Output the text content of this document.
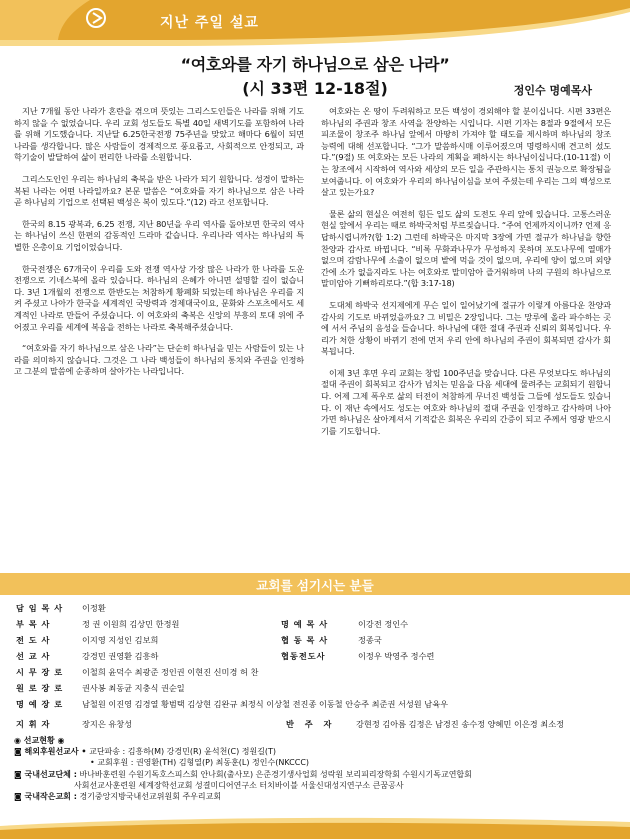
지난 주일 설교
“여호와를 자기 하나님으로 삼은 나라”
(시 33편 12-18절)	정인수 명예목사

지난 7개월 동안 나라가 혼란을 겪으며 뜻있는 그리스도인들은 나라를 위해 기도하지 않을 수 없었습니다. 우리 교회 성도들도 특별 40일 새벽기도를 포함하여 나라를 위해 기도했습니다. 지난달 6.25한국전쟁 75주년을 맞았고 해마다 6월이 되면 나라를 생각합니다. 많은 사람들이 경제적으로 풍요롭고, 사회적으로 안정되고, 과학기술이 발달하여 삶이 편리한 나라를 소원합니다.

그리스도인인 우리는 하나님의 축복을 받은 나라가 되기 원합니다. 성경이 말하는 복된 나라는 어떤 나라일까요? 본문 말씀은 “여호와를 자기 하나님으로 삼은 나라 곧 하나님의 기업으로 선택된 백성은 복이 있도다.”(12) 라고 선포합니다.

한국의 8.15 광복과, 6.25 전쟁, 지난 80년을 우리 역사를 돌아보면 한국의 역사는 하나님이 쓰신 한편의 감동적인 드라마 같습니다. 우리나라 역사는 하나님의 특별한 은총이요 기업이었습니다.

한국전쟁은 67개국이 우리를 도와 전쟁 역사상 가장 많은 나라가 한 나라를 도운 전쟁으로 기네스북에 올라 있습니다. 하나님의 은혜가 아니면 설명할 길이 없습니다. 3년 1개월의 전쟁으로 한반도는 처참하게 황폐화 되었는데 하나님은 우리를 지켜 주셨고 나아가 한국을 세계적인 국방력과 경제대국이요, 문화와 스포츠에서도 세계적인 나라로 만들어 주셨습니다. 이 여호와의 축복은 신앙의 부흥의 토대 위에 주어졌고 우리를 세계에 복음을 전하는 나라로 축복해주셨습니다.

“여호와를 자기 하나님으로 삼은 나라”는 단순히 하나님을 믿는 사람들이 있는 나라를 의미하지 않습니다. 그것은 그 나라 백성들이 하나님의 통치와 주권을 인정하고 그분의 말씀에 순종하며 살아가는 나라입니다.

여호와는 온 땅이 두려워하고 모든 백성이 경외해야 할 분이십니다. 시편 33편은 하나님의 주권과 창조 사역을 찬양하는 시입니다. 시편 기자는 8절과 9절에서 모든 피조물이 창조주 하나님 앞에서 마땅히 가져야 할 태도를 제시하며 하나님의 창조 능력에 대해 선포합니다. “그가 말씀하시매 이루어졌으며 명령하시매 견고히 섰도다.”(9절) 또 여호와는 모든 나라의 계획을 폐하시는 하나님이십니다.(10-11절) 이는 창조에서 시작하여 역사와 세상의 모든 일을 주관하시는 통치 권능으로 확장됨을 보여줍니다. 이 여호와가 우리의 하나님이심을 보여 주셨는데 우리는 그의 백성으로 살고 있는가요?

물론 삶의 현실은 여전히 힘든 일도 삶의 도전도 우리 앞에 있습니다. 고통스러운 현실 앞에서 우리는 때로 하박국처럼 부르짖습니다. “주여 언제까지이니까? 언제 응답하시렵니까?(합 1:2) 그런데 하박국은 마지막 3장에 가면 절규가 하나님을 향한 찬양과 감사로 바뀝니다. “비록 무화과나무가 무성하지 못하며 포도나무에 열매가 없으며 감람나무에 소출이 없으며 밭에 먹을 것이 없으며, 우리에 양이 없으며 외양간에 소가 없을지라도 나는 여호와로 말미암아 즐거워하며 나의 구원의 하나님으로 말미암아 기뻐하리로다.”(합 3:17-18)

도대체 하박국 선지제에게 무슨 일이 일어났기에 절규가 이렇게 아름다운 찬양과 감사의 기도로 바뀌었을까요? 그 비밀은 2장입니다. 그는 망루에 올라 파수하는 곳에 서서 주님의 음성을 들습니다. 하나님에 대한 절대 주권과 신뢰의 회복입니다. 우리가 처한 상황이 바뀌기 전에 먼저 우리 안에 하나님의 주권이 회복되면 감사가 회복됩니다.

이제 3년 후면 우리 교회는 창립 100주년을 맞습니다. 다른 무엇보다도 하나님의 절대 주권이 회복되고 감사가 넘치는 믿음을 다음 세대에 물려주는 교회되기 원합니다. 어제 그제 폭우로 삶의 터전이 처참하게 무너진 백성들 그들에 성도들도 있습니다. 이 재난 속에서도 성도는 여호와 하나님의 절대 주권을 인정하고 감사하며 나아가면 하나님은 살아계셔서 기적같은 회복은 우리의 간증이 되고 주께서 영광 받으시기를 기도합니다.

교회를 섬기시는 분들
담 임 목 사 이정환
부 목 사	정 권 이원희 김상민 한정원	명 예 목 사	이강전 정인수
전 도 사	이지영 지성인 김보희	협 동 목 사	정종국
선 교 사	강경민 권영환 김흥하	협동전도사	이정우 박영주 정수련
시 무 장 로 이철희 윤덕수 최광준 정인권 이현진 신미경 허 찬
원 로 장 로 권사봉 최동균 지충식 권순일
명 예 장 로 남철원 이진영 김경열 황범택 김상현 김완규 최정식 이상철 전진종 이동철 안승주 최준권 서성원 남육우
지 휘 자	장지은 유창성	반 주 자	강현정 김아름 김정은 남경진 송수정 양혜민 이은경 최소정
◉ 선교현황 ◉
◙ 해외후원선교사 • 교단파송 : 김흥하(M) 강경민(R) 윤석천(C) 정원길(T)
• 교회후원 : 권영환(TH) 김형열(P) 최동훈(L) 정인수(NKCCC)
◙ 국내선교단체 : 바나바훈련원 수원기독호스피스회 안나회(출사모) 은준경기생사업회 성락원 보리피리장학회 수원시기독교연합회
사회선교사훈련원 세계장학선교회 성결미디어연구소 터치바이블 서울신대성지연구소 큰꿈공사
◙ 국내작은교회 : 경기중앙지방국내선교위원회 주우리교회
